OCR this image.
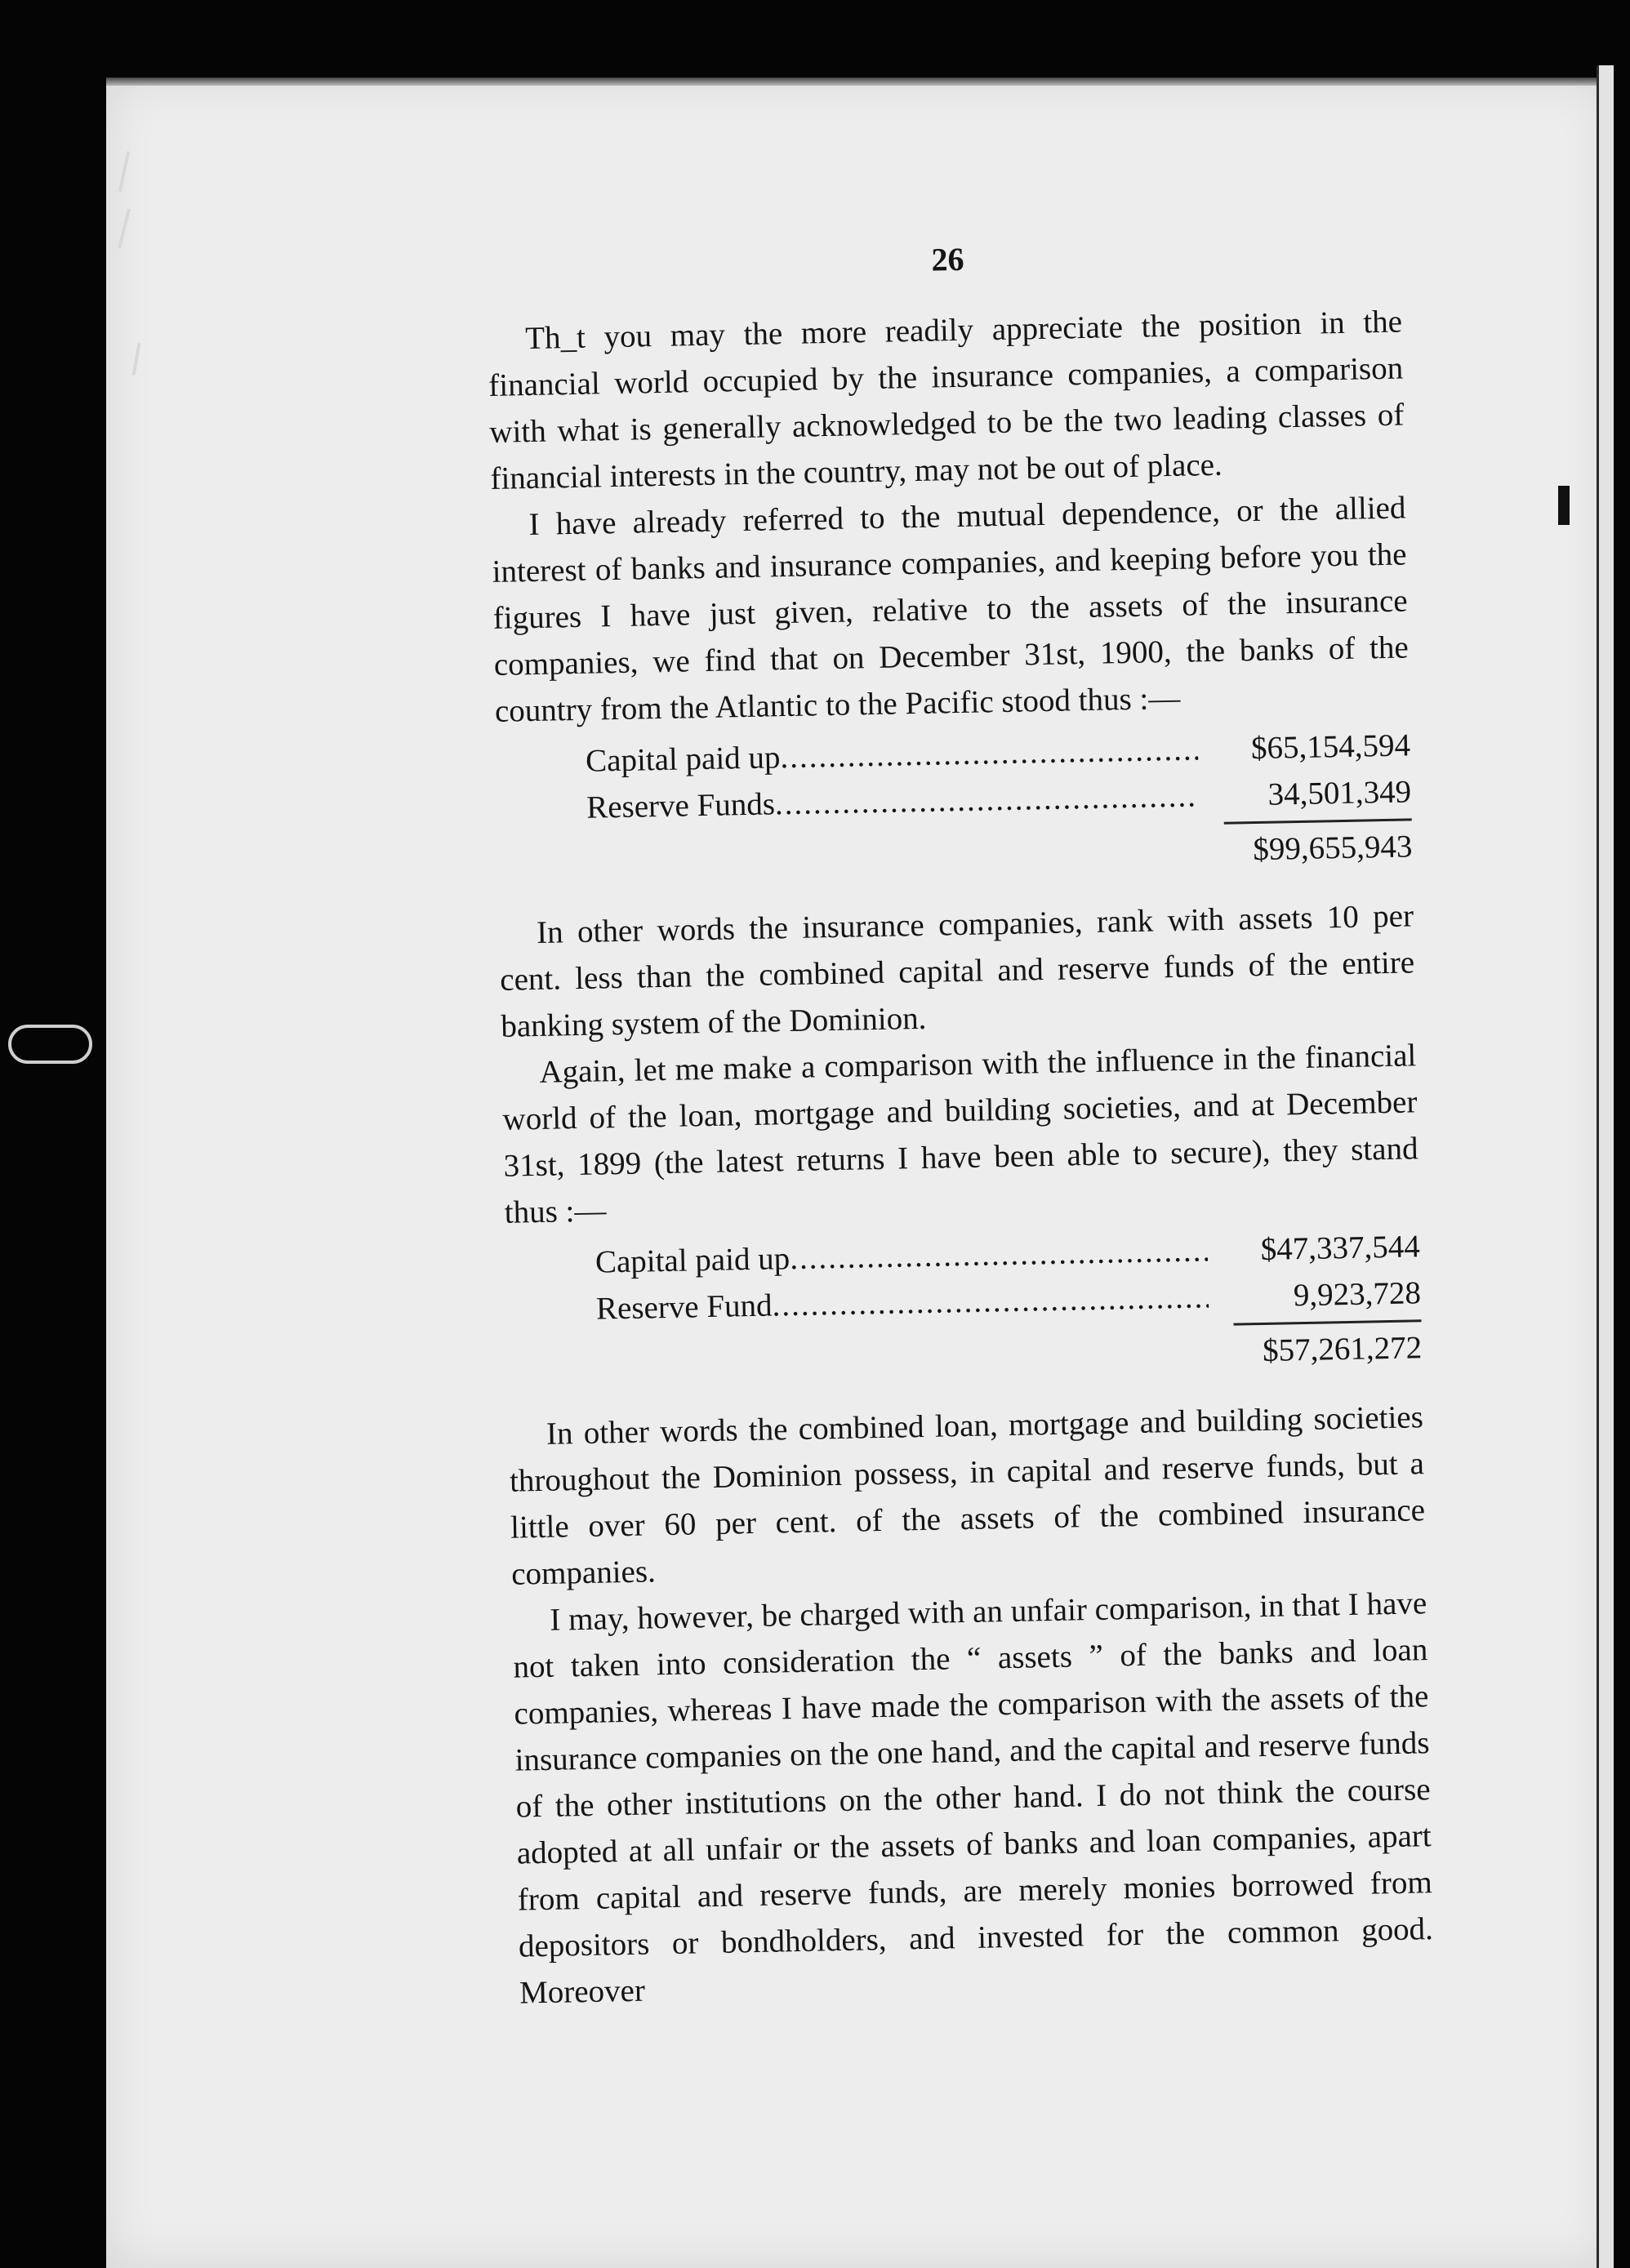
26

Th_t you may the more readily appreciate the position in the financial world occupied by the insurance companies, a comparison with what is generally acknowledged to be the two leading classes of financial interests in the country, may not be out of place.

I have already referred to the mutual dependence, or the allied interest of banks and insurance companies, and keeping before you the figures I have just given, relative to the assets of the insurance companies, we find that on December 31st, 1900, the banks of the country from the Atlantic to the Pacific stood thus :—

Capital paid up .....	$65,154,594
Reserve Funds .....	34,501,349
$99,655,943

In other words the insurance companies, rank with assets 10 per cent. less than the combined capital and reserve funds of the entire banking system of the Dominion.

Again, let me make a comparison with the influence in the financial world of the loan, mortgage and building societies, and at December 31st, 1899 (the latest returns I have been able to secure), they stand thus :—

Capital paid up .....	$47,337,544
Reserve Fund .....	9,923,728
$57,261,272

In other words the combined loan, mortgage and building societies throughout the Dominion possess, in capital and reserve funds, but a little over 60 per cent. of the assets of the combined insurance companies.

I may, however, be charged with an unfair comparison, in that I have not taken into consideration the “ assets ” of the banks and loan companies, whereas I have made the comparison with the assets of the insurance companies on the one hand, and the capital and reserve funds of the other institutions on the other hand. I do not think the course adopted at all unfair or the assets of banks and loan companies, apart from capital and reserve funds, are merely monies borrowed from depositors or bondholders, and invested for the common good. Moreover
